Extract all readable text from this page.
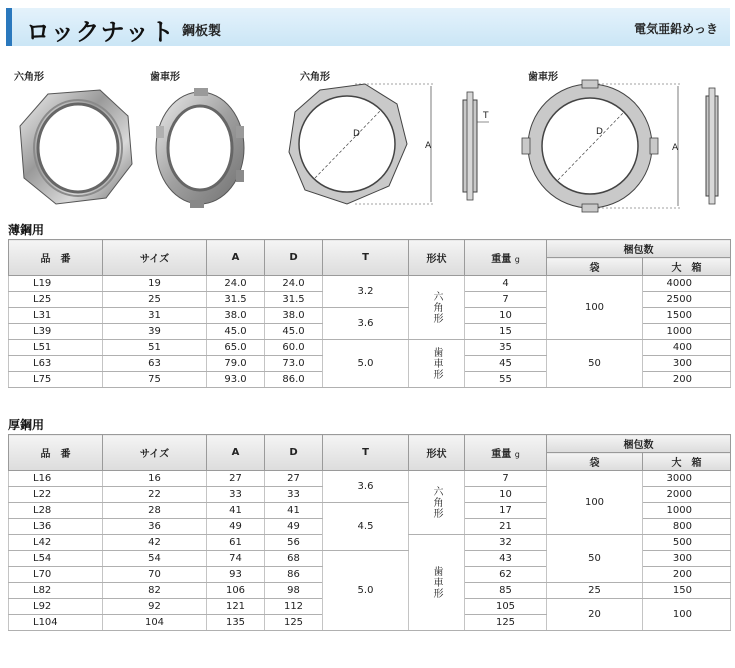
ロックナット 鋼板製	電気亜鉛めっき
六角形	歯車形	六角形	歯車形
D
A
T
D
A
薄鋼用
品　番	サイズ	A	D	T	形状	重量 g	梱包数	
							袋	大　箱
L19	19	24.0	24.0	3.2	六角形	4	100	4000
L25	25	31.5	31.5			7		2500
L31	31	38.0	38.0	3.6		10		1500
L39	39	45.0	45.0			15		1000
L51	51	65.0	60.0	5.0	歯車形	35	50	400
L63	63	79.0	73.0			45		300
L75	75	93.0	86.0			55		200
厚鋼用
品　番	サイズ	A	D	T	形状	重量 g	梱包数	
							袋	大　箱
L16	16	27	27	3.6	六角形	7	100	3000
L22	22	33	33			10		2000
L28	28	41	41	4.5		17		1000
L36	36	49	49			21		800
L42	42	61	56		歯車形	32	50	500
L54	54	74	68	5.0		43		300
L70	70	93	86			62		200
L82	82	106	98			85	25	150
L92	92	121	112			105	20	100
L104	104	135	125			125		
